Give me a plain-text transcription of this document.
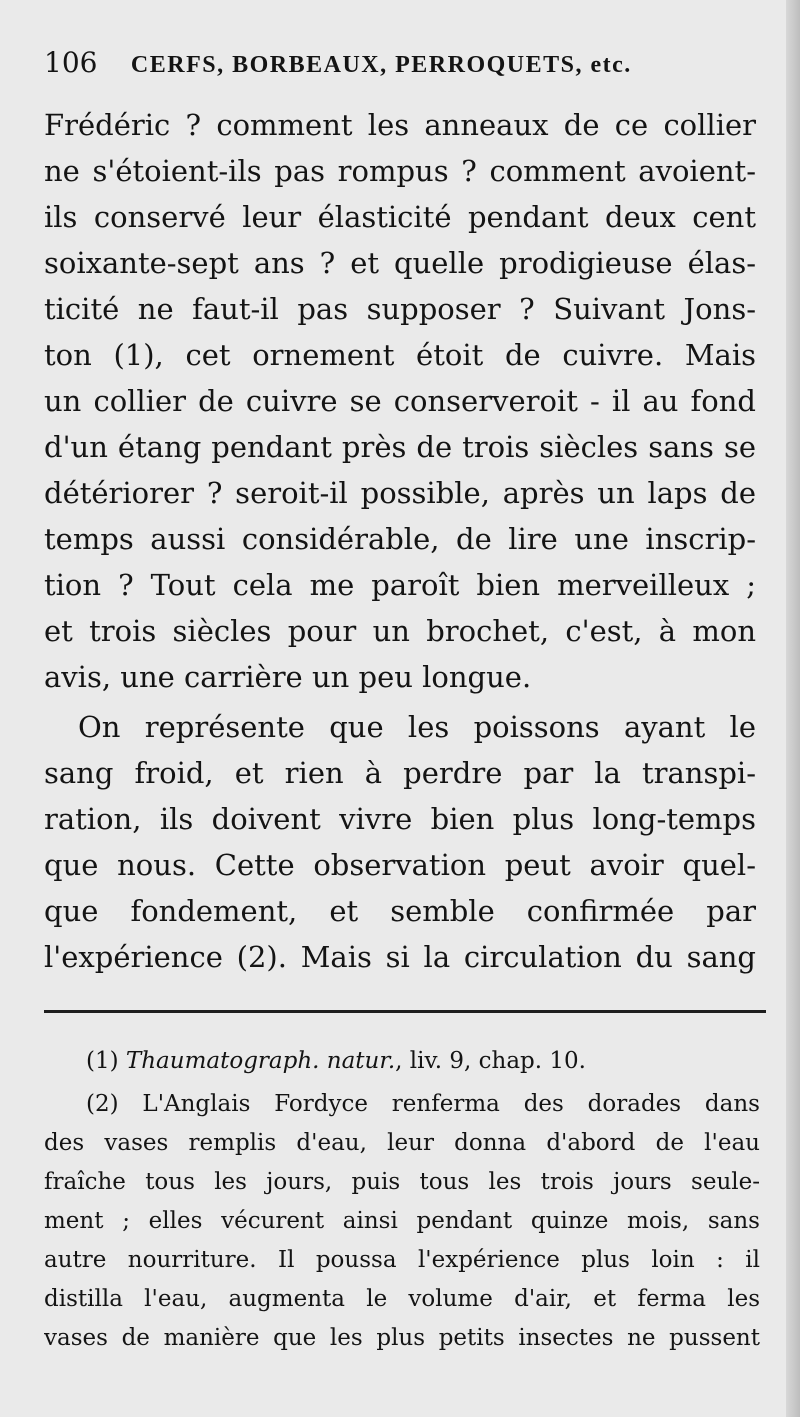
106 CERFS, BORBEAUX, PERROQUETS, etc.
Frédéric ? comment les anneaux de ce collier
ne s'étoient-ils pas rompus ? comment avoient-
ils conservé leur élasticité pendant deux cent
soixante-sept ans ? et quelle prodigieuse élas-
ticité ne faut-il pas supposer ? Suivant Jons-
ton (1), cet ornement étoit de cuivre. Mais
un collier de cuivre se conserveroit - il au fond
d'un étang pendant près de trois siècles sans se
détériorer ? seroit-il possible, après un laps de
temps aussi considérable, de lire une inscrip-
tion ? Tout cela me paroît bien merveilleux ;
et trois siècles pour un brochet, c'est, à mon
avis, une carrière un peu longue.
On représente que les poissons ayant le
sang froid, et rien à perdre par la transpi-
ration, ils doivent vivre bien plus long-temps
que nous. Cette observation peut avoir quel-
que fondement, et semble confirmée par
l'expérience (2). Mais si la circulation du sang
(1) Thaumatograph. natur., liv. 9, chap. 10.
(2) L'Anglais Fordyce renferma des dorades dans
des vases remplis d'eau, leur donna d'abord de l'eau
fraîche tous les jours, puis tous les trois jours seule-
ment ; elles vécurent ainsi pendant quinze mois, sans
autre nourriture. Il poussa l'expérience plus loin : il
distilla l'eau, augmenta le volume d'air, et ferma les
vases de manière que les plus petits insectes ne pussent
